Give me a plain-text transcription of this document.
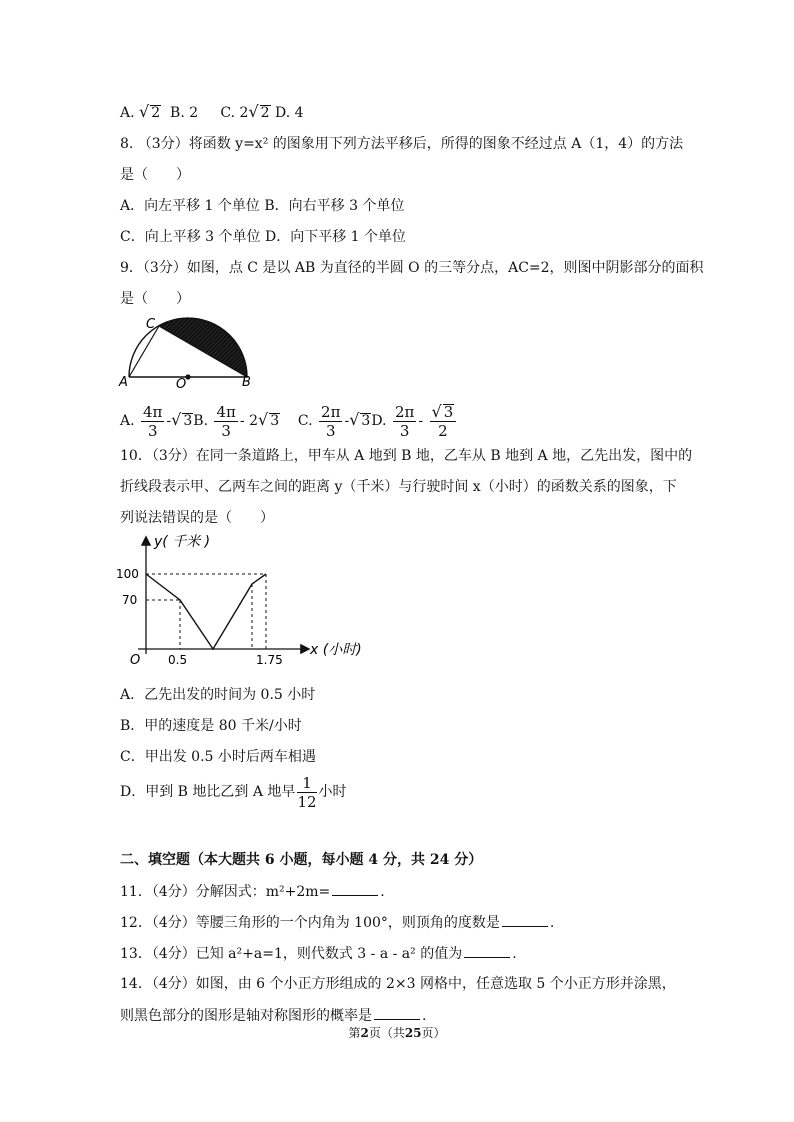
A. √ 2 B. 2 C. 2√ 2 D. 4
8. （3分）将函数 y=x² 的图象用下列方法平移后，所得的图象不经过点 A（1，4）的方法
是（　　）
A．向左平移 1 个单位 B．向右平移 3 个单位
C．向上平移 3 个单位 D．向下平移 1 个单位
9．（3分）如图，点 C 是以 AB 为直径的半圆 O 的三等分点，AC=2，则图中阴影部分的面积
是（　　）
C
A	O	B
A. $\frac{4\pi}{3}$ -√ 3B. $\frac{4\pi}{3} - 2√$ 3 C. $\frac{2\pi}{3}$ -√ 3D. $\frac{2\pi}{3} - \frac{√ 3}{2}$
10．（3分）在同一条道路上，甲车从 A 地到 B 地，乙车从 B 地到 A 地，乙先出发，图中的
折线段表示甲、乙两车之间的距离 y（千米）与行驶时间 x（小时）的函数关系的图象，下
列说法错误的是（　　）
y( 千米 )
x (小时)
O
100
70
0.5	1.75
A．乙先出发的时间为 0.5 小时
B．甲的速度是 80 千米/小时
C．甲出发 0.5 小时后两车相遇
D．甲到 B 地比乙到 A 地早 $\frac{1}{12}$ 小时
二、填空题（本大题共 6 小题，每小题 4 分，共 24 分）
11．（4分）分解因式：m²+2m=	.
12．（4分）等腰三角形的一个内角为 100°，则顶角的度数是	.
13．（4分）已知 a²+a=1，则代数式 3 - a - a² 的值为	.
14．（4分）如图，由 6 个小正方形组成的 2×3 网格中，任意选取 5 个小正方形并涂黑，
则黑色部分的图形是轴对称图形的概率是	.
第2页（共25页）
